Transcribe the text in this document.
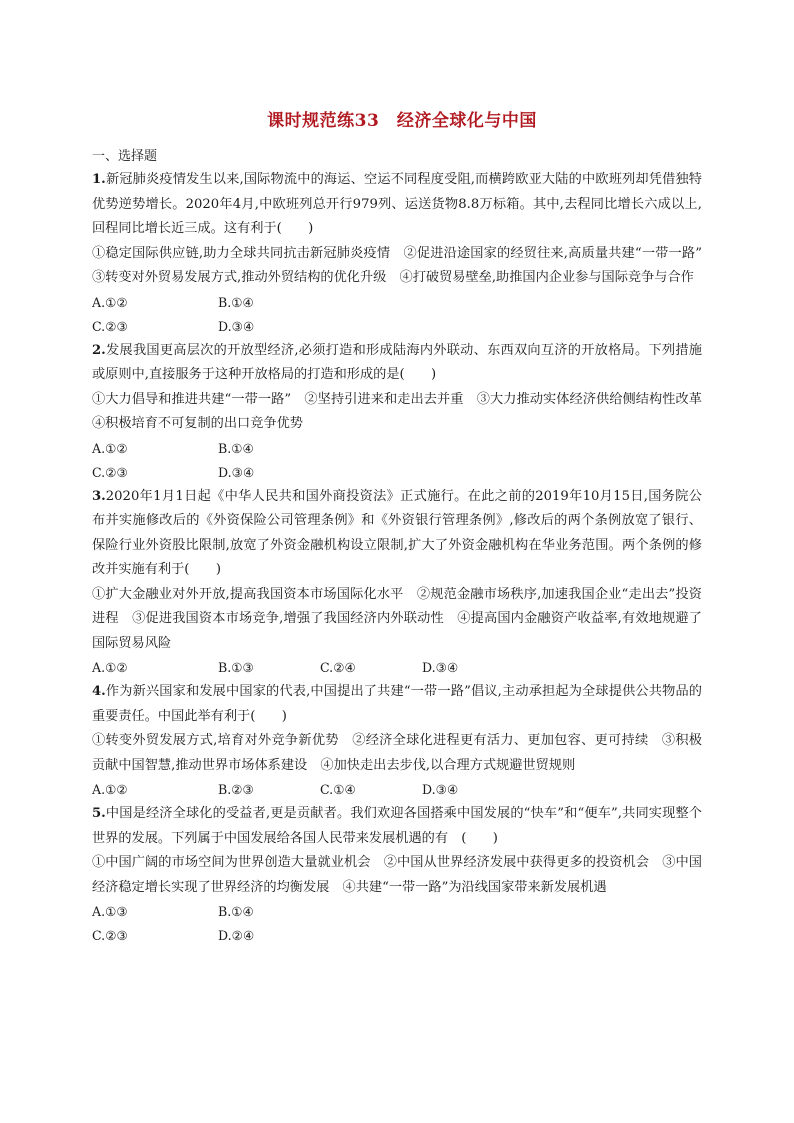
课时规范练33　经济全球化与中国
一、选择题

1.新冠肺炎疫情发生以来,国际物流中的海运、空运不同程度受阻,而横跨欧亚大陆的中欧班列却凭借独特优势逆势增长。2020年4月,中欧班列总开行979列、运送货物8.8万标箱。其中,去程同比增长六成以上,回程同比增长近三成。这有利于(　　)

①稳定国际供应链,助力全球共同抗击新冠肺炎疫情　②促进沿途国家的经贸往来,高质量共建“一带一路”　③转变对外贸易发展方式,推动外贸结构的优化升级　④打破贸易壁垒,助推国内企业参与国际竞争与合作

A.①②	B.①④
C.②③	D.③④

2.发展我国更高层次的开放型经济,必须打造和形成陆海内外联动、东西双向互济的开放格局。下列措施或原则中,直接服务于这种开放格局的打造和形成的是(　　)

①大力倡导和推进共建“一带一路”　②坚持引进来和走出去并重　③大力推动实体经济供给侧结构性改革　④积极培育不可复制的出口竞争优势

A.①②	B.①④
C.②③	D.③④

3.2020年1月1日起《中华人民共和国外商投资法》正式施行。在此之前的2019年10月15日,国务院公布并实施修改后的《外资保险公司管理条例》和《外资银行管理条例》,修改后的两个条例放宽了银行、保险行业外资股比限制,放宽了外资金融机构设立限制,扩大了外资金融机构在华业务范围。两个条例的修改并实施有利于(　　)

①扩大金融业对外开放,提高我国资本市场国际化水平　②规范金融市场秩序,加速我国企业“走出去”投资进程　③促进我国资本市场竞争,增强了我国经济内外联动性　④提高国内金融资产收益率,有效地规避了国际贸易风险

A.①②	B.①③	C.②④	D.③④

4.作为新兴国家和发展中国家的代表,中国提出了共建“一带一路”倡议,主动承担起为全球提供公共物品的重要责任。中国此举有利于(　　)

①转变外贸发展方式,培育对外竞争新优势　②经济全球化进程更有活力、更加包容、更可持续　③积极贡献中国智慧,推动世界市场体系建设　④加快走出去步伐,以合理方式规避世贸规则

A.①②	B.②③	C.①④	D.③④

5.中国是经济全球化的受益者,更是贡献者。我们欢迎各国搭乘中国发展的“快车”和“便车”,共同实现整个世界的发展。下列属于中国发展给各国人民带来发展机遇的有　(　　)

①中国广阔的市场空间为世界创造大量就业机会　②中国从世界经济发展中获得更多的投资机会　③中国经济稳定增长实现了世界经济的均衡发展　④共建“一带一路”为沿线国家带来新发展机遇

A.①③	B.①④
C.②③	D.②④
